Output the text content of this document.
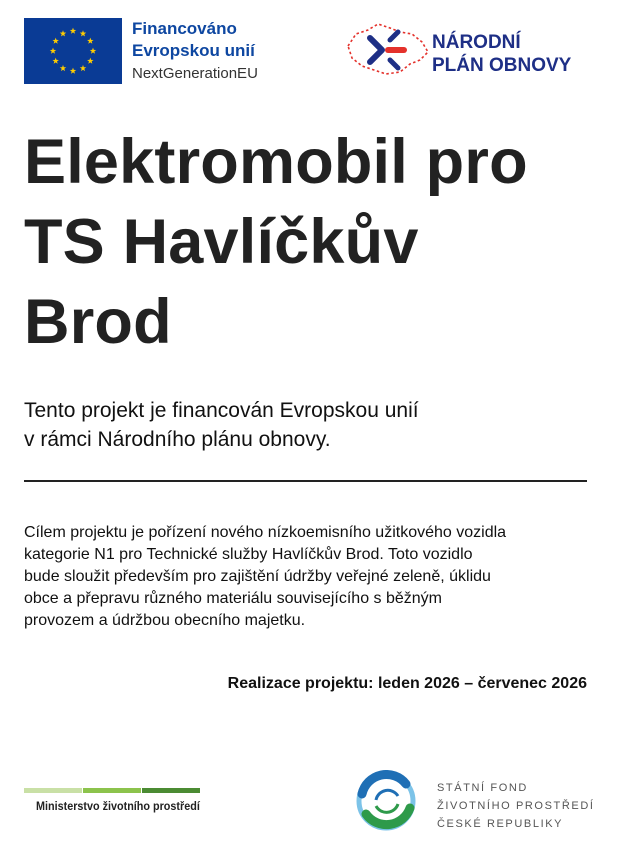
Financováno
Evropskou unií
NextGenerationEU
NÁRODNÍ
PLÁN OBNOVY
Elektromobil pro
TS Havlíčkův
Brod
Tento projekt je financován Evropskou unií
v rámci Národního plánu obnovy.
Cílem projektu je pořízení nového nízkoemisního užitkového vozidla
kategorie N1 pro Technické služby Havlíčkův Brod. Toto vozidlo
bude sloužit především pro zajištění údržby veřejné zeleně, úklidu
obce a přepravu různého materiálu souvisejícího s běžným
provozem a údržbou obecního majetku.
Realizace projektu: leden 2026 – červenec 2026
Ministerstvo životního prostředí
STÁTNÍ FOND
ŽIVOTNÍHO PROSTŘEDÍ
ČESKÉ REPUBLIKY
